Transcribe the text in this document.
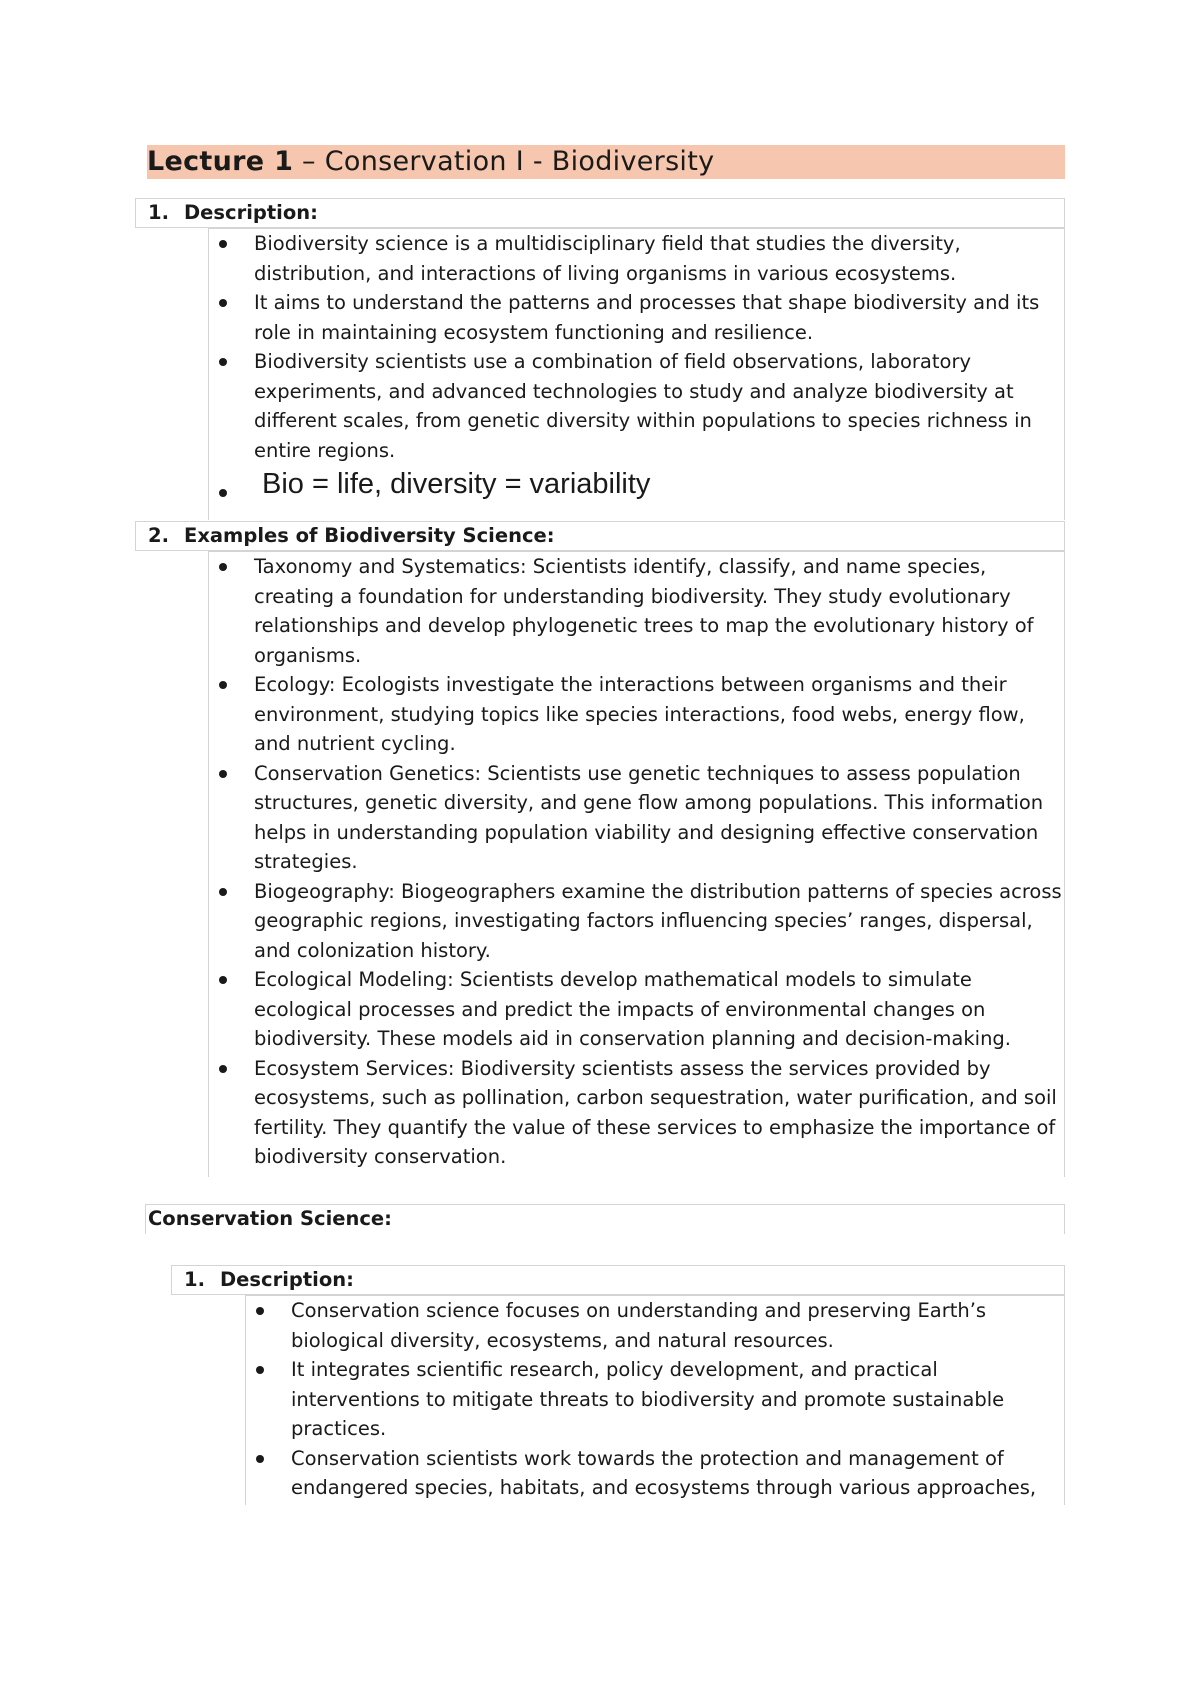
Lecture 1 – Conservation I - Biodiversity
1. Description:
Biodiversity science is a multidisciplinary field that studies the diversity, distribution, and interactions of living organisms in various ecosystems.
It aims to understand the patterns and processes that shape biodiversity and its role in maintaining ecosystem functioning and resilience.
Biodiversity scientists use a combination of field observations, laboratory experiments, and advanced technologies to study and analyze biodiversity at different scales, from genetic diversity within populations to species richness in entire regions.
Bio = life, diversity = variability
2. Examples of Biodiversity Science:
Taxonomy and Systematics: Scientists identify, classify, and name species, creating a foundation for understanding biodiversity. They study evolutionary relationships and develop phylogenetic trees to map the evolutionary history of organisms.
Ecology: Ecologists investigate the interactions between organisms and their environment, studying topics like species interactions, food webs, energy flow, and nutrient cycling.
Conservation Genetics: Scientists use genetic techniques to assess population structures, genetic diversity, and gene flow among populations. This information helps in understanding population viability and designing effective conservation strategies.
Biogeography: Biogeographers examine the distribution patterns of species across geographic regions, investigating factors influencing species’ ranges, dispersal, and colonization history.
Ecological Modeling: Scientists develop mathematical models to simulate ecological processes and predict the impacts of environmental changes on biodiversity. These models aid in conservation planning and decision-making.
Ecosystem Services: Biodiversity scientists assess the services provided by ecosystems, such as pollination, carbon sequestration, water purification, and soil fertility. They quantify the value of these services to emphasize the importance of biodiversity conservation.
Conservation Science:
1. Description:
Conservation science focuses on understanding and preserving Earth’s biological diversity, ecosystems, and natural resources.
It integrates scientific research, policy development, and practical interventions to mitigate threats to biodiversity and promote sustainable practices.
Conservation scientists work towards the protection and management of endangered species, habitats, and ecosystems through various approaches,
